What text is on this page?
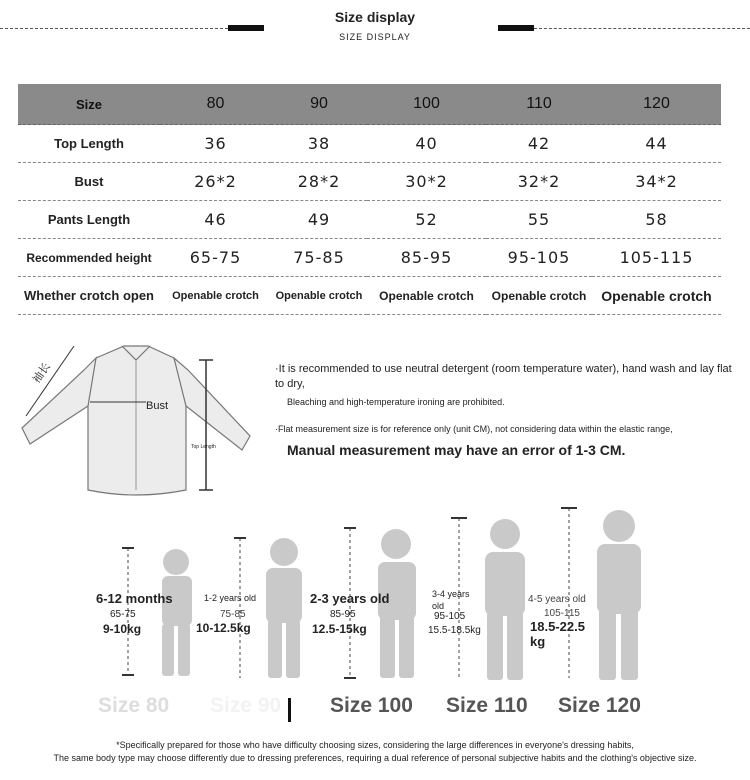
Size display
SIZE DISPLAY
Size	80	90	100	110	120
Top Length	36	38	40	42	44
Bust	26*2	28*2	30*2	32*2	34*2
Pants Length	46	49	52	55	58
Recommended height	65-75	75-85	85-95	95-105	105-115
Whether crotch open	Openable crotch	Openable crotch	Openable crotch	Openable crotch	Openable crotch
袖长
Bust
Top Length
·It is recommended to use neutral detergent (room temperature water), hand wash and lay flat to dry,
Bleaching and high-temperature ironing are prohibited.
·Flat measurement size is for reference only (unit CM), not considering data within the elastic range,
Manual measurement may have an error of 1-3 CM.
6-12 months
65-75
9-10kg
Size 80
1-2 years old
75-85
10-12.5kg
Size 90
2-3 years old
85-95
12.5-15kg
Size 100
3-4 years old
95-105
15.5-18.5kg
Size 110
4-5 years old
105-115
18.5-22.5 kg
Size 120
*Specifically prepared for those who have difficulty choosing sizes, considering the large differences in everyone's dressing habits,
The same body type may choose differently due to dressing preferences, requiring a dual reference of personal subjective habits and the clothing's objective size.
